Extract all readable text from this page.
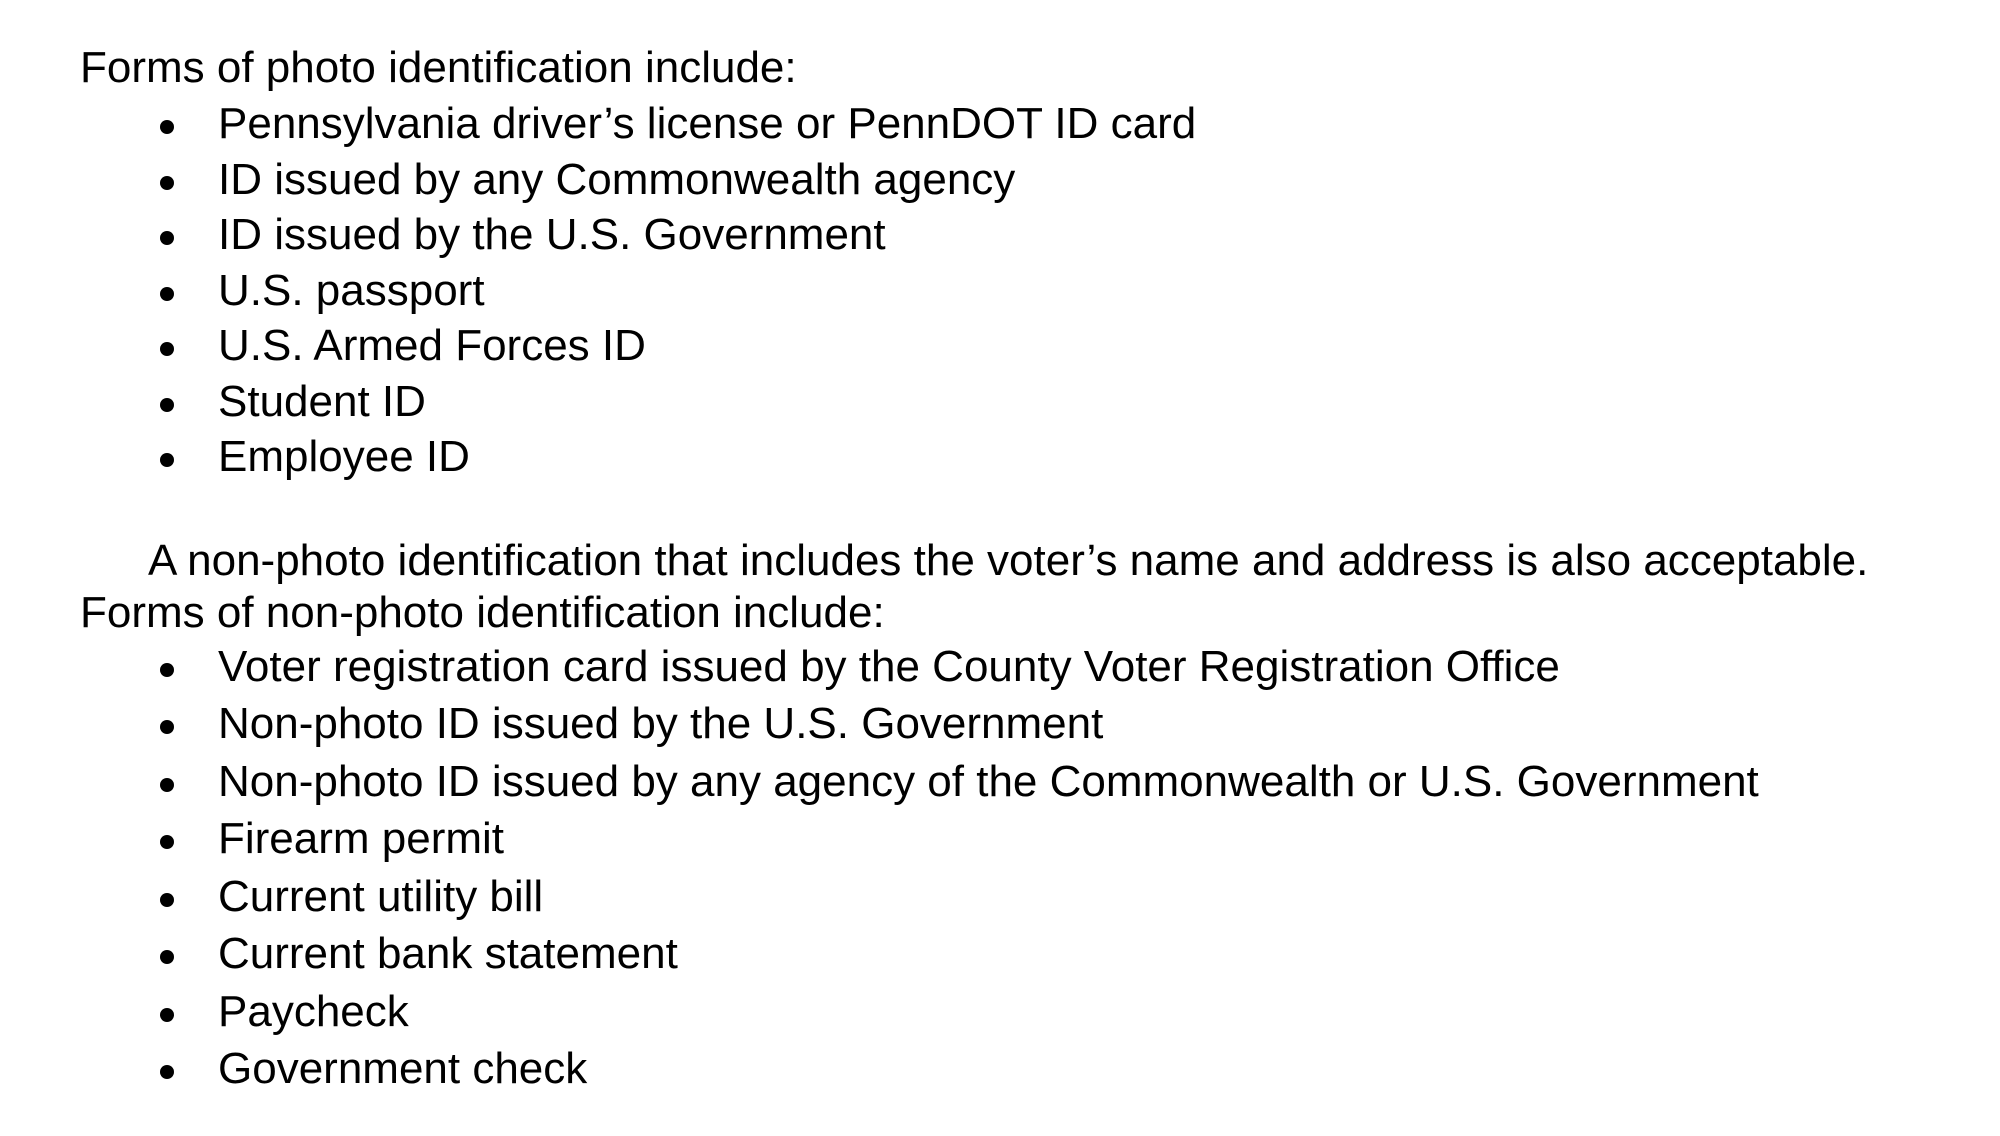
Forms of photo identification include:

Pennsylvania driver’s license or PennDOT ID card
ID issued by any Commonwealth agency
ID issued by the U.S. Government
U.S. passport
U.S. Armed Forces ID
Student ID
Employee ID

A non-photo identification that includes the voter’s name and address is also acceptable.

Forms of non-photo identification include:

Voter registration card issued by the County Voter Registration Office
Non-photo ID issued by the U.S. Government
Non-photo ID issued by any agency of the Commonwealth or U.S. Government
Firearm permit
Current utility bill
Current bank statement
Paycheck
Government check
